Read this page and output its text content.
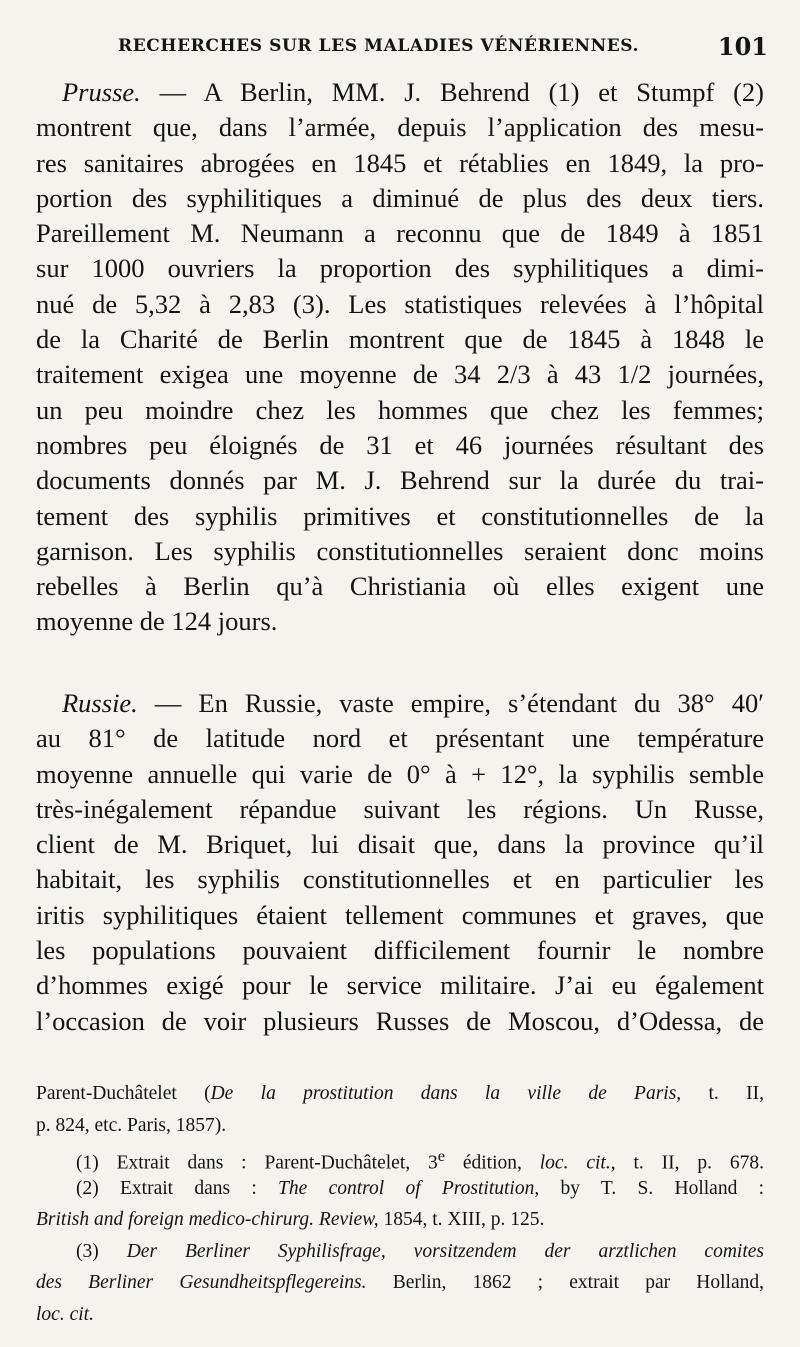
RECHERCHES SUR LES MALADIES VÉNÉRIENNES.	101
Prusse. — A Berlin, MM. J. Behrend (1) et Stumpf (2)
montrent que, dans l’armée, depuis l’application des mesu-
res sanitaires abrogées en 1845 et rétablies en 1849, la pro-
portion des syphilitiques a diminué de plus des deux tiers.
Pareillement M. Neumann a reconnu que de 1849 à 1851
sur 1000 ouvriers la proportion des syphilitiques a dimi-
nué de 5,32 à 2,83 (3). Les statistiques relevées à l’hôpital
de la Charité de Berlin montrent que de 1845 à 1848 le
traitement exigea une moyenne de 34 2/3 à 43 1/2 journées,
un peu moindre chez les hommes que chez les femmes;
nombres peu éloignés de 31 et 46 journées résultant des
documents donnés par M. J. Behrend sur la durée du trai-
tement des syphilis primitives et constitutionnelles de la
garnison. Les syphilis constitutionnelles seraient donc moins
rebelles à Berlin qu’à Christiania où elles exigent une
moyenne de 124 jours.
Russie. — En Russie, vaste empire, s’étendant du 38° 40′
au 81° de latitude nord et présentant une température
moyenne annuelle qui varie de 0° à + 12°, la syphilis semble
très-inégalement répandue suivant les régions. Un Russe,
client de M. Briquet, lui disait que, dans la province qu’il
habitait, les syphilis constitutionnelles et en particulier les
iritis syphilitiques étaient tellement communes et graves, que
les populations pouvaient difficilement fournir le nombre
d’hommes exigé pour le service militaire. J’ai eu également
l’occasion de voir plusieurs Russes de Moscou, d’Odessa, de
Parent-Duchâtelet (De la prostitution dans la ville de Paris, t. II,
p. 824, etc. Paris, 1857).
(1) Extrait dans : Parent-Duchâtelet, 3e édition, loc. cit., t. II, p. 678.
(2) Extrait dans : The control of Prostitution, by T. S. Holland :
British and foreign medico-chirurg. Review, 1854, t. XIII, p. 125.
(3) Der Berliner Syphilisfrage, vorsitzendem der arztlichen comites
des Berliner Gesundheitspflegereins. Berlin, 1862 ; extrait par Holland,
loc. cit.
